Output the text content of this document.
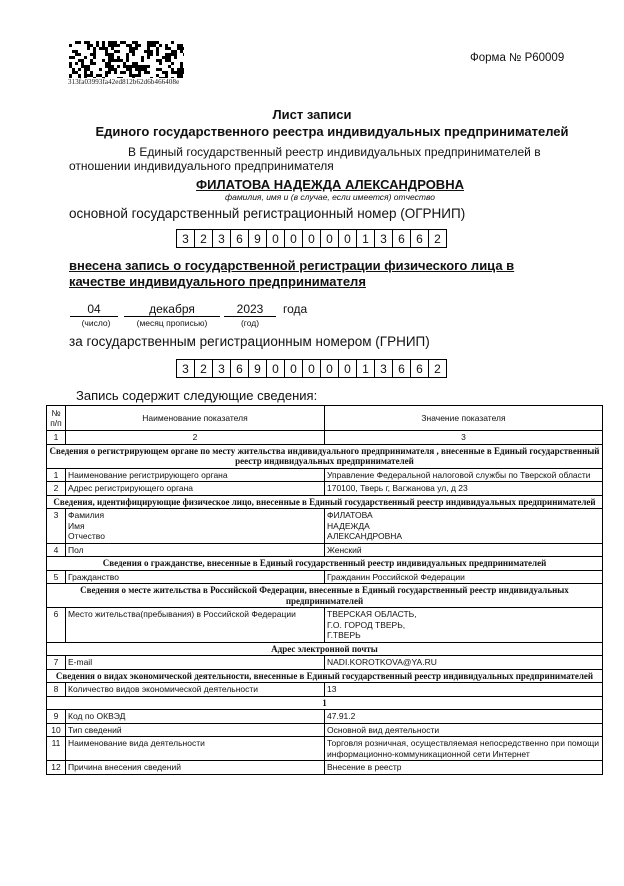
313fa03993fa42ed812b62d6b466408e
Форма № Р60009
Лист записи
Единого государственного реестра индивидуальных предпринимателей
В Единый государственный реестр индивидуальных предпринимателей в
отношении индивидуального предпринимателя
ФИЛАТОВА НАДЕЖДА АЛЕКСАНДРОВНА
фамилия, имя и (в случае, если имеется) отчество
основной государственный регистрационный номер (ОГРНИП)
3 2 3 6 9 0 0 0 0 0 1 3 6 6 2
внесена запись о государственной регистрации физического лица в качестве индивидуального предпринимателя
04
(число)
декабря
(месяц прописью)
2023
(год)
года
за государственным регистрационным номером (ГРНИП)
3 2 3 6 9 0 0 0 0 0 1 3 6 6 2
Запись содержит следующие сведения:
№ п/п	Наименование показателя	Значение показателя
1	2	3
Сведения о регистрирующем органе по месту жительства индивидуального предпринимателя , внесенные в Единый государственный реестр индивидуальных предпринимателей		
1	Наименование регистрирующего органа	Управление Федеральной налоговой службы по Тверской области
2	Адрес регистрирующего органа	170100, Тверь г, Вагжанова ул, д 23
Сведения, идентифицирующие физическое лицо, внесенные в Единый государственный реестр индивидуальных предпринимателей		
3	Фамилия
Имя
Отчество	ФИЛАТОВА
НАДЕЖДА
АЛЕКСАНДРОВНА
4	Пол	Женский
Сведения о гражданстве, внесенные в Единый государственный реестр индивидуальных предпринимателей		
5	Гражданство	Гражданин Российской Федерации
Сведения о месте жительства в Российской Федерации, внесенные в Единый государственный реестр индивидуальных предпринимателей		
6	Место жительства(пребывания) в Российской Федерации	ТВЕРСКАЯ ОБЛАСТЬ,
Г.О. ГОРОД ТВЕРЬ,
Г.ТВЕРЬ
Адрес электронной почты		
7	E-mail	NADI.KOROTKOVA@YA.RU
Сведения о видах экономической деятельности, внесенные в Единый государственный реестр индивидуальных предпринимателей		
8	Количество видов экономической деятельности	13
1		
9	Код по ОКВЭД	47.91.2
10	Тип сведений	Основной вид деятельности
11	Наименование вида деятельности	Торговля розничная, осуществляемая непосредственно при помощи информационно-коммуникационной сети Интернет
12	Причина внесения сведений	Внесение в реестр
